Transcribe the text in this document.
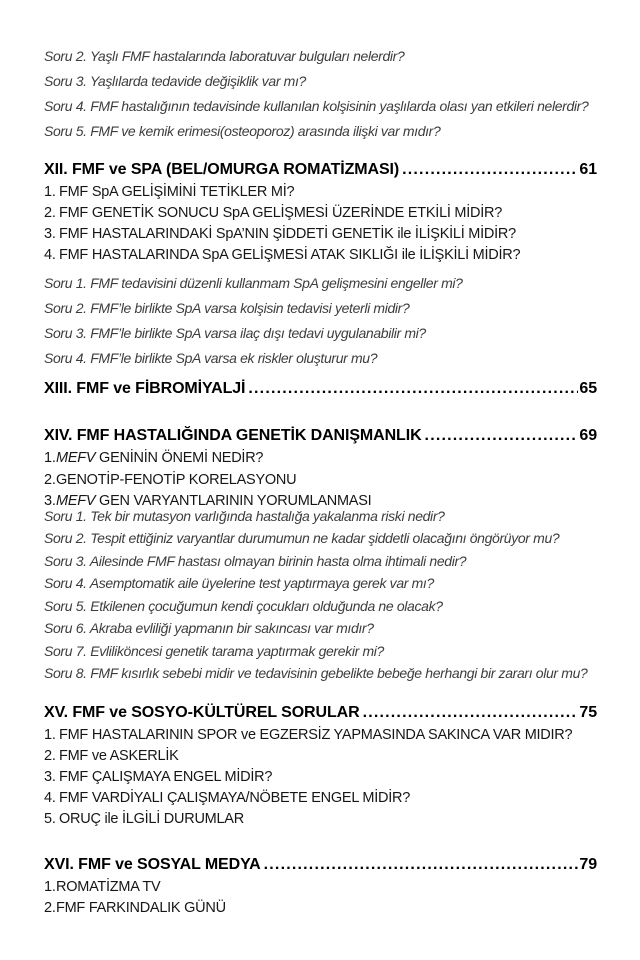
Soru 2. Yaşlı FMF hastalarında laboratuvar bulguları nelerdir?
Soru 3. Yaşlılarda tedavide değişiklik var mı?
Soru 4. FMF hastalığının tedavisinde kullanılan kolşisinin yaşlılarda olası yan etkileri nelerdir?
Soru 5. FMF ve kemik erimesi(osteoporoz) arasında ilişki var mıdır?
XII. FMF ve SPA (BEL/OMURGA ROMATİZMASI) .....	61
1. FMF SpA GELİŞİMİNİ TETİKLER Mİ?
2. FMF GENETİK SONUCU SpA GELİŞMESİ ÜZERİNDE ETKİLİ MİDİR?
3. FMF HASTALARINDAKİ SpA’NIN ŞİDDETİ GENETİK ile İLİŞKİLİ MİDİR?
4. FMF HASTALARINDA SpA GELİŞMESİ ATAK SIKLIĞI ile İLİŞKİLİ MİDİR?
Soru 1. FMF tedavisini düzenli kullanmam SpA gelişmesini engeller mi?
Soru 2. FMF’le birlikte SpA varsa kolşisin tedavisi yeterli midir?
Soru 3. FMF’le birlikte SpA varsa ilaç dışı tedavi uygulanabilir mi?
Soru 4. FMF’le birlikte SpA varsa ek riskler oluşturur mu?
XIII. FMF ve FİBROMİYALJİ .....	65
XIV. FMF HASTALIĞINDA GENETİK DANIŞMANLIK .....	69
1.MEFV GENİNİN ÖNEMİ NEDİR?
2.GENOTİP-FENOTİP KORELASYONU
3.MEFV GEN VARYANTLARININ YORUMLANMASI
Soru 1. Tek bir mutasyon varlığında hastalığa yakalanma riski nedir?
Soru 2. Tespit ettiğiniz varyantlar durumumun ne kadar şiddetli olacağını öngörüyor mu?
Soru 3. Ailesinde FMF hastası olmayan birinin hasta olma ihtimali nedir?
Soru 4. Asemptomatik aile üyelerine test yaptırmaya gerek var mı?
Soru 5. Etkilenen çocuğumun kendi çocukları olduğunda ne olacak?
Soru 6. Akraba evliliği yapmanın bir sakıncası var mıdır?
Soru 7. Evliliköncesi genetik tarama yaptırmak gerekir mi?
Soru 8. FMF kısırlık sebebi midir ve tedavisinin gebelikte bebeğe herhangi bir zararı olur mu?
XV. FMF ve SOSYO-KÜLTÜREL SORULAR .....	75
1. FMF HASTALARININ SPOR ve EGZERSİZ YAPMASINDA SAKINCA VAR MIDIR?
2. FMF ve ASKERLİK
3. FMF ÇALIŞMAYA ENGEL MİDİR?
4. FMF VARDİYALI ÇALIŞMAYA/NÖBETE ENGEL MİDİR?
5. ORUÇ ile İLGİLİ DURUMLAR
XVI. FMF ve SOSYAL MEDYA .....	79
1.ROMATİZMA TV
2.FMF FARKINDALIK GÜNÜ
